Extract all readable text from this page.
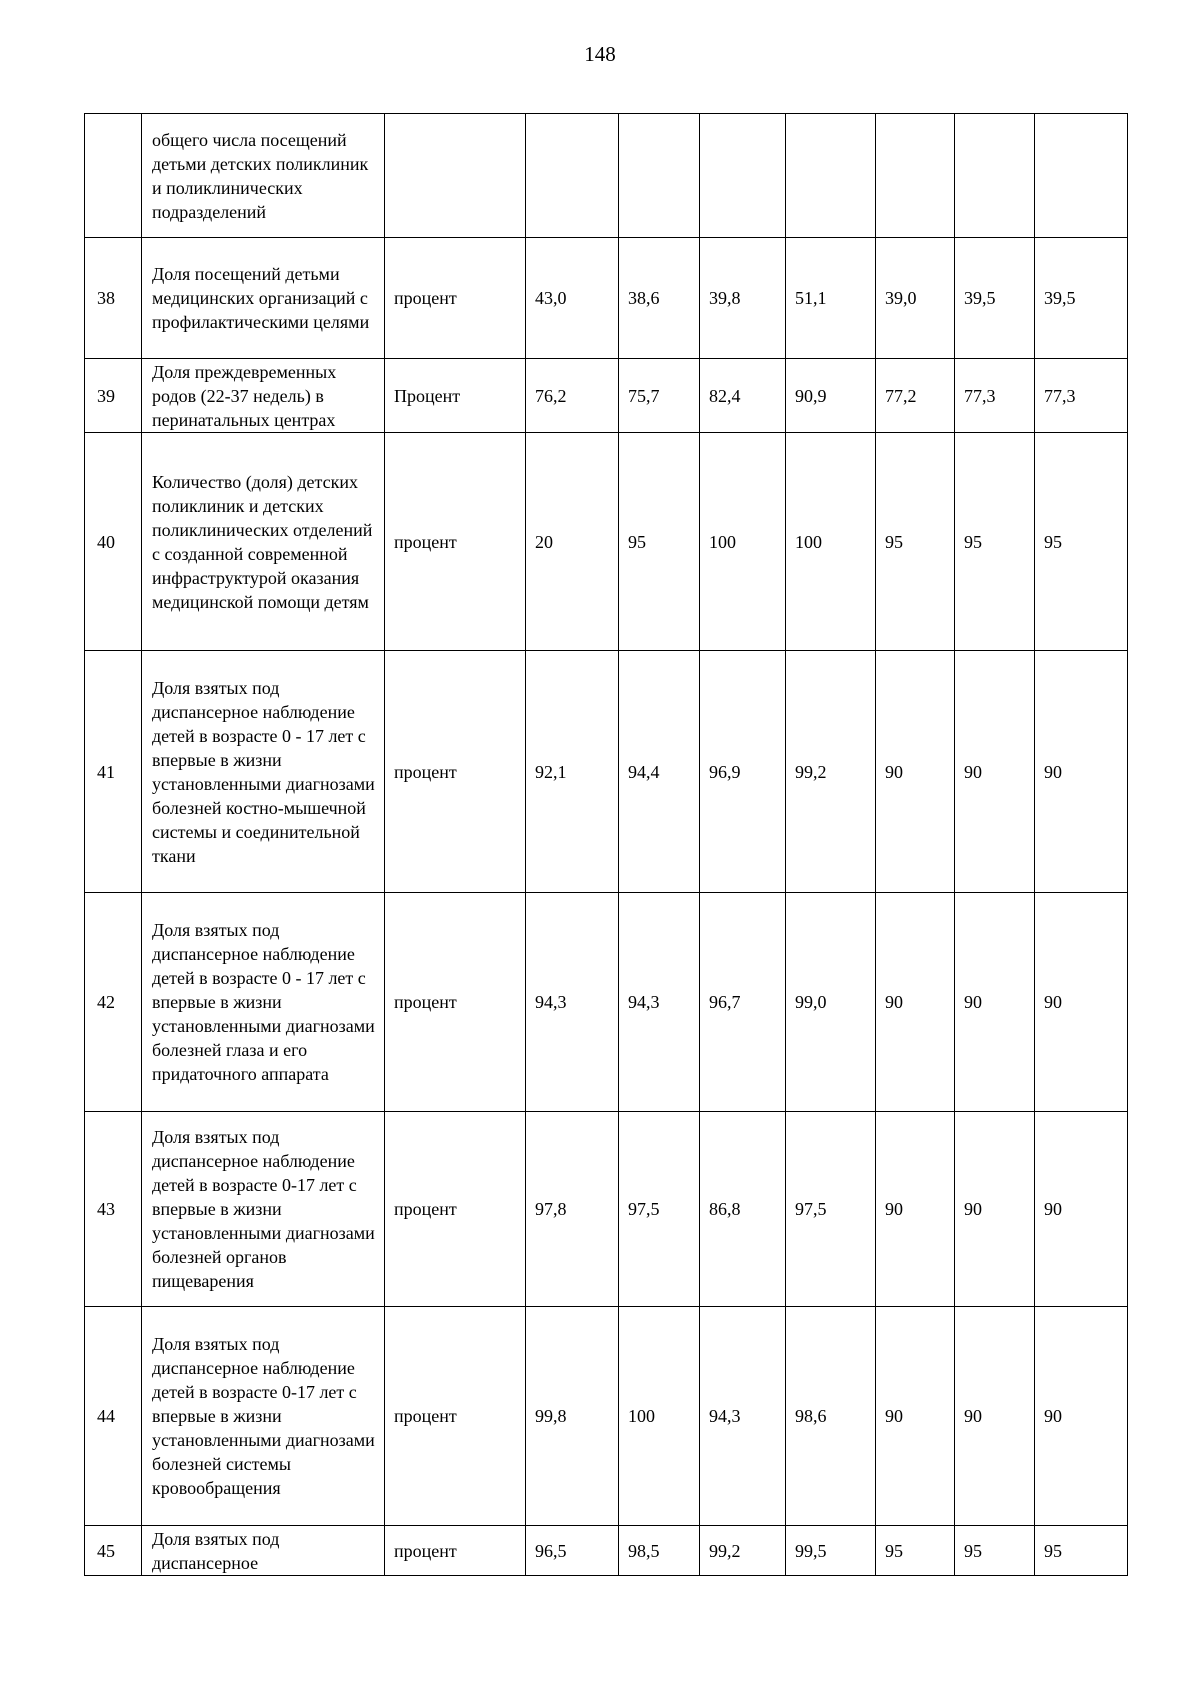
148
	общего числа посещений детьми детских поликлиник и поликлинических подразделений								
38	Доля посещений детьми медицинских организаций с профилактическими целями	процент	43,0	38,6	39,8	51,1	39,0	39,5	39,5
39	Доля преждевременных родов (22-37 недель) в перинатальных центрах	Процент	76,2	75,7	82,4	90,9	77,2	77,3	77,3
40	Количество (доля) детских поликлиник и детских поликлинических отделений с созданной современной инфраструктурой оказания медицинской помощи детям	процент	20	95	100	100	95	95	95
41	Доля взятых под диспансерное наблюдение детей в возрасте 0 - 17 лет с впервые в жизни установленными диагнозами болезней костно-мышечной системы и соединительной ткани	процент	92,1	94,4	96,9	99,2	90	90	90
42	Доля взятых под диспансерное наблюдение детей в возрасте 0 - 17 лет с впервые в жизни установленными диагнозами болезней глаза и его придаточного аппарата	процент	94,3	94,3	96,7	99,0	90	90	90
43	Доля взятых под диспансерное наблюдение детей в возрасте 0-17 лет с впервые в жизни установленными диагнозами болезней органов пищеварения	процент	97,8	97,5	86,8	97,5	90	90	90
44	Доля взятых под диспансерное наблюдение детей в возрасте 0-17 лет с впервые в жизни установленными диагнозами болезней системы кровообращения	процент	99,8	100	94,3	98,6	90	90	90
45	Доля взятых под диспансерное	процент	96,5	98,5	99,2	99,5	95	95	95
